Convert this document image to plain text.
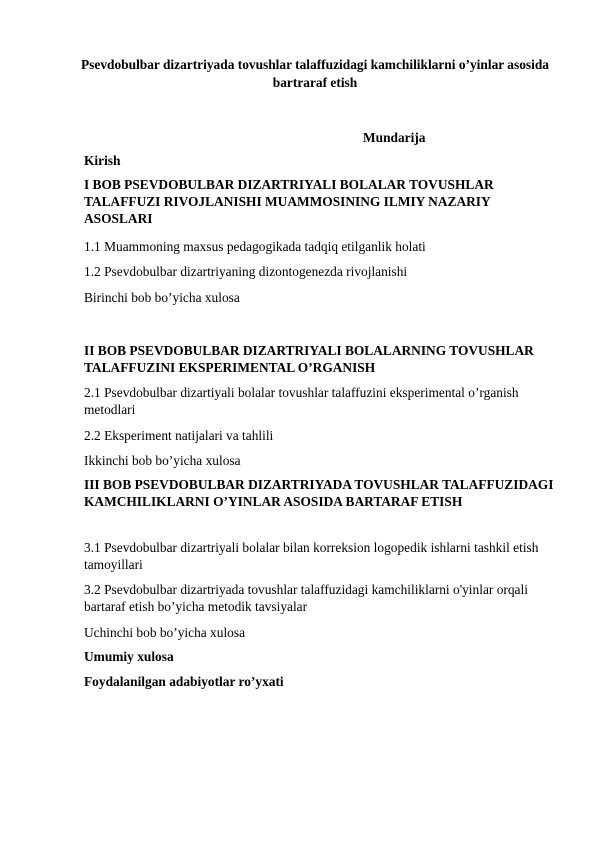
Psevdobulbar dizartriyada tovushlar talaffuzidagi kamchiliklarni o’yinlar asosida bartraraf etish

Mundarija

Kirish

I BOB PSEVDOBULBAR DIZARTRIYALI BOLALAR TOVUSHLAR TALAFFUZI RIVOJLANISHI MUAMMOSINING ILMIY NAZARIY ASOSLARI

1.1 Muammoning maxsus pedagogikada tadqiq etilganlik holati

1.2 Psevdobulbar dizartriyaning dizontogenezda rivojlanishi

Birinchi bob bo’yicha xulosa

II BOB PSEVDOBULBAR DIZARTRIYALI BOLALARNING TOVUSHLAR TALAFFUZINI EKSPERIMENTAL O’RGANISH

2.1 Psevdobulbar dizartiyali bolalar tovushlar talaffuzini eksperimental o’rganish metodlari

2.2 Eksperiment natijalari va tahlili

Ikkinchi bob bo’yicha xulosa

III BOB PSEVDOBULBAR DIZARTRIYADA TOVUSHLAR TALAFFUZIDAGI KAMCHILIKLARNI O’YINLAR ASOSIDA BARTARAF ETISH

3.1 Psevdobulbar dizartriyali bolalar bilan korreksion logopedik ishlarni tashkil etish tamoyillari

3.2 Psevdobulbar dizartriyada tovushlar talaffuzidagi kamchiliklarni o'yinlar orqali bartaraf etish bo’yicha metodik tavsiyalar

Uchinchi bob bo’yicha xulosa

Umumiy xulosa

Foydalanilgan adabiyotlar ro’yxati
